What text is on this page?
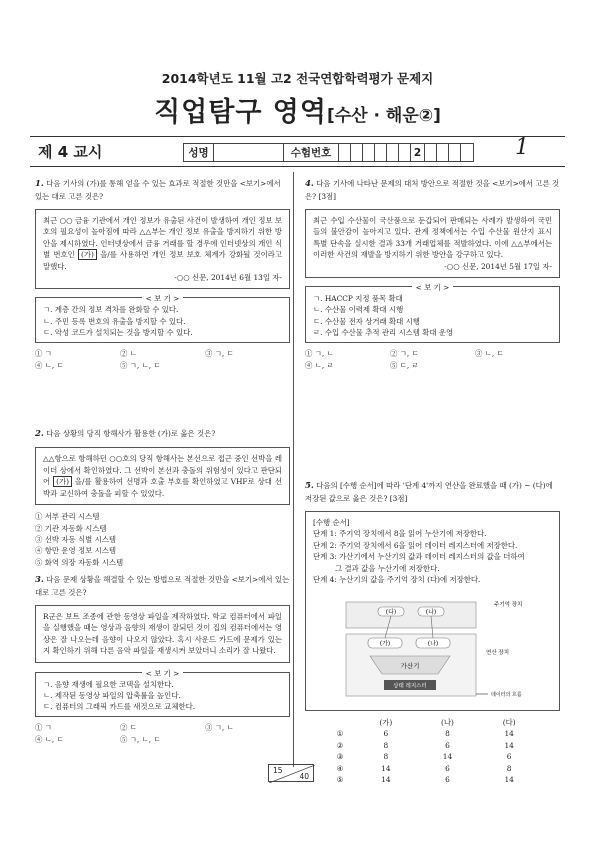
2014학년도 11월 고2 전국연합학력평가 문제지
직업탐구 영역[수산 · 해운②]
제 4 교시	성명	수험번호	2	1
1. 다음 기사의 (가)를 통해 얻을 수 있는 효과로 적절한 것만을 <보기>에서 있는 대로 고른 것은?
최근 ○○ 금융 기관에서 개인 정보가 유출된 사건이 발생하여 개인 정보 보호의 필요성이 높아짐에 따라 △△부는 개인 정보 유출을 방지하기 위한 방안을 제시하였다. 인터넷상에서 금융 거래를 할 경우에 인터넷상의 개인 식별 번호인 (가) 을/를 사용하면 개인 정보 보호 체계가 강화될 것이라고 말했다.
-○○ 신문, 2014년 6월 13일 자-
< 보 기 >
ㄱ. 계층 간의 정보 격차를 완화할 수 있다.
ㄴ. 주민 등록 번호의 유출을 방지할 수 있다.
ㄷ. 악성 코드가 설치되는 것을 방지할 수 있다.
① ㄱ	② ㄴ	③ ㄱ, ㄷ
④ ㄴ, ㄷ	⑤ ㄱ, ㄴ, ㄷ
2. 다음 상황의 당직 항해사가 활용한 (가)로 옳은 것은?
△△항으로 항해하던 ○○호의 당직 항해사는 본선으로 접근 중인 선박을 레이더 상에서 확인하였다. 그 선박이 본선과 충돌의 위험성이 있다고 판단되어 (가) 을/를 활용하여 선명과 호출 부호를 확인하였고 VHF로 상대 선박과 교신하여 충돌을 피할 수 있었다.
① 서부 관리 시스템
② 기관 자동화 시스템
③ 선박 자동 식별 시스템
④ 항만 운영 정보 시스템
⑤ 화역 의장 자동화 시스템
3. 다음 문제 상황을 해결할 수 있는 방법으로 적절한 것만을 <보기>에서 있는 대로 고른 것은?
R군은 보트 조종에 관한 동영상 파일을 제작하였다. 학교 컴퓨터에서 파일을 실행했을 때는 영상과 음향의 재생이 잘되던 것이 집의 컴퓨터에서는 영상은 잘 나오는데 음향이 나오지 않았다. 혹시 사운드 카드에 문제가 있는지 확인하기 위해 다른 음악 파일을 재생시켜 보았더니 소리가 잘 나왔다.
< 보 기 >
ㄱ. 음향 재생에 필요한 코덱을 설치한다.
ㄴ. 제작된 동영상 파일의 압축률을 높인다.
ㄷ. 컴퓨터의 그래픽 카드를 새것으로 교체한다.
① ㄱ	② ㄷ	③ ㄱ, ㄴ
④ ㄴ, ㄷ	⑤ ㄱ, ㄴ, ㄷ
4. 다음 기사에 나타난 문제의 대처 방안으로 적절한 것을 <보기>에서 고른 것은? [3점]
최근 수입 수산물이 국산품으로 둔갑되어 판매되는 사례가 발생하여 국민들의 불안감이 높아지고 있다. 관계 정책에서는 수입 수산물 원산지 표시 특별 단속을 실시한 결과 33개 거래업체를 적발하였다. 이에 △△부에서는 이러한 사건의 재발을 방지하기 위한 방안을 강구하고 있다.
-○○ 신문, 2014년 5월 17일 자-
< 보 기 >
ㄱ. HACCP 지정 품목 확대
ㄴ. 수산물 이력제 확대 시행
ㄷ. 수산물 전자 상거래 확대 시행
ㄹ. 수입 수산물 추적 관리 시스템 확대 운영
① ㄱ, ㄴ	② ㄱ, ㄷ	③ ㄴ, ㄷ
④ ㄴ, ㄹ	⑤ ㄷ, ㄹ
5. 다음의 [수행 순서]에 따라 '단계 4'까지 연산을 완료했을 때 (가) ~ (다)에 저장된 값으로 옳은 것은? [3점]
[수행 순서]
단계 1: 주기억 장치에서 8을 읽어 누산기에 저장한다.
단계 2: 주기억 장치에서 6을 읽어 데이터 레지스터에 저장한다.
단계 3: 가산기에서 누산기의 값과 데이터 레지스터의 값을 더하여
그 결과 값을 누산기에 저장한다.
단계 4: 누산기의 값을 주기억 장치 (다)에 저장한다.
(다)	(나)
(가)	(나)
가산기
상태 레지스터
주기억 장치
연산 장치
데이터의 흐름
	(가)	(나)	(다)
①	6	8	14
②	8	6	14
③	8	14	6
④	14	6	8
⑤	14	6	14
15
40
